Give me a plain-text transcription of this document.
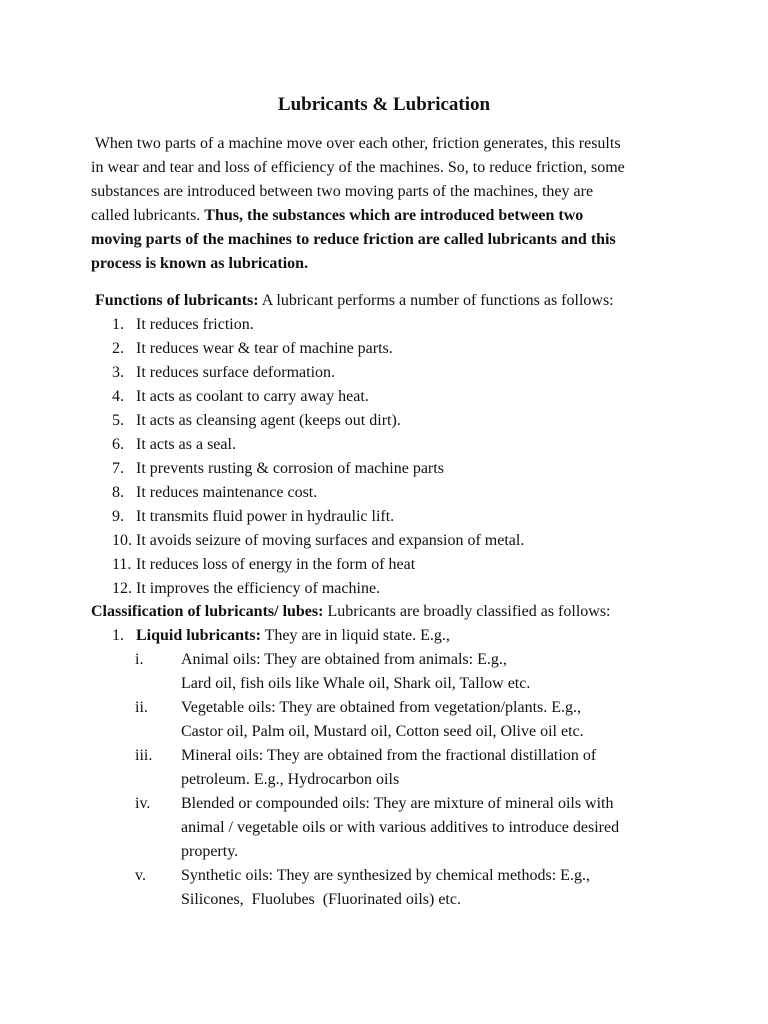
Lubricants & Lubrication

When two parts of a machine move over each other, friction generates, this results

in wear and tear and loss of efficiency of the machines. So, to reduce friction, some

substances are introduced between two moving parts of the machines, they are

called lubricants. Thus, the substances which are introduced between two

moving parts of the machines to reduce friction are called lubricants and this

process is known as lubrication.

Functions of lubricants: A lubricant performs a number of functions as follows:
1. It reduces friction.
2. It reduces wear & tear of machine parts.
3. It reduces surface deformation.
4. It acts as coolant to carry away heat.
5. It acts as cleansing agent (keeps out dirt).
6. It acts as a seal.
7. It prevents rusting & corrosion of machine parts
8. It reduces maintenance cost.
9. It transmits fluid power in hydraulic lift.
10. It avoids seizure of moving surfaces and expansion of metal.
11. It reduces loss of energy in the form of heat
12. It improves the efficiency of machine.
Classification of lubricants/ lubes: Lubricants are broadly classified as follows:
1. Liquid lubricants: They are in liquid state. E.g.,
i. Animal oils: They are obtained from animals: E.g.,
Lard oil, fish oils like Whale oil, Shark oil, Tallow etc.
ii. Vegetable oils: They are obtained from vegetation/plants. E.g.,
Castor oil, Palm oil, Mustard oil, Cotton seed oil, Olive oil etc.
iii. Mineral oils: They are obtained from the fractional distillation of
petroleum. E.g., Hydrocarbon oils
iv. Blended or compounded oils: They are mixture of mineral oils with
animal / vegetable oils or with various additives to introduce desired
property.
v. Synthetic oils: They are synthesized by chemical methods: E.g.,
Silicones,  Fluolubes  (Fluorinated oils) etc.
